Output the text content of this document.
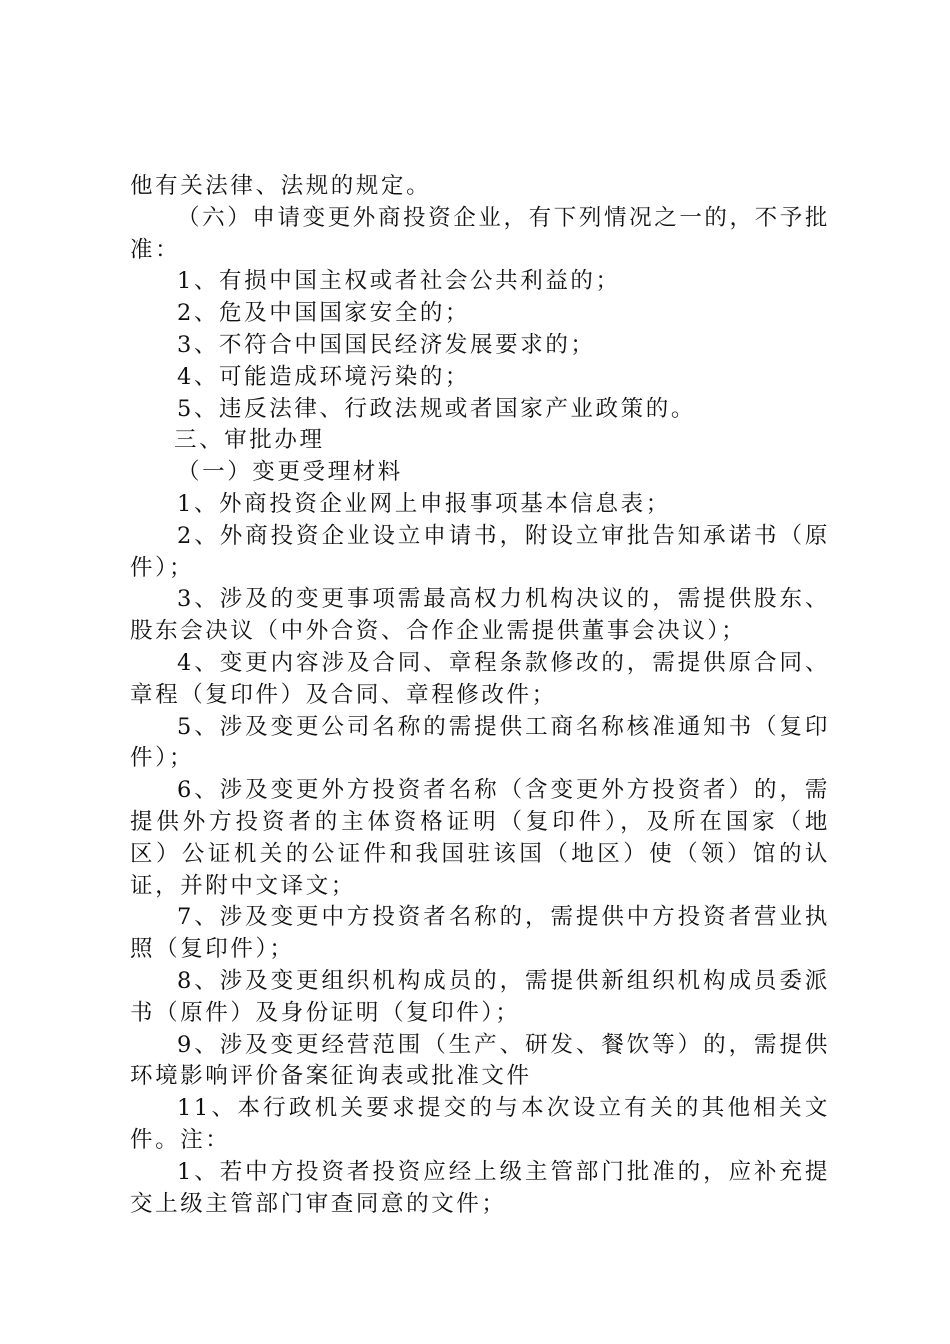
他有关法律、法规的规定。

（六）申请变更外商投资企业，有下列情况之一的，不予批准：

1、有损中国主权或者社会公共利益的；

2、危及中国国家安全的；

3、不符合中国国民经济发展要求的；

4、可能造成环境污染的；

5、违反法律、行政法规或者国家产业政策的。

三、审批办理

（一）变更受理材料

1、外商投资企业网上申报事项基本信息表；

2、外商投资企业设立申请书，附设立审批告知承诺书（原件）；

3、涉及的变更事项需最高权力机构决议的，需提供股东、股东会决议（中外合资、合作企业需提供董事会决议）；

4、变更内容涉及合同、章程条款修改的，需提供原合同、章程（复印件）及合同、章程修改件；

5、涉及变更公司名称的需提供工商名称核准通知书（复印件）；

6、涉及变更外方投资者名称（含变更外方投资者）的，需提供外方投资者的主体资格证明（复印件），及所在国家（地区）公证机关的公证件和我国驻该国（地区）使（领）馆的认证，并附中文译文；

7、涉及变更中方投资者名称的，需提供中方投资者营业执照（复印件）；

8、涉及变更组织机构成员的，需提供新组织机构成员委派书（原件）及身份证明（复印件）；

9、涉及变更经营范围（生产、研发、餐饮等）的，需提供环境影响评价备案征询表或批准文件

11、本行政机关要求提交的与本次设立有关的其他相关文件。注：

1、若中方投资者投资应经上级主管部门批准的，应补充提交上级主管部门审查同意的文件；
